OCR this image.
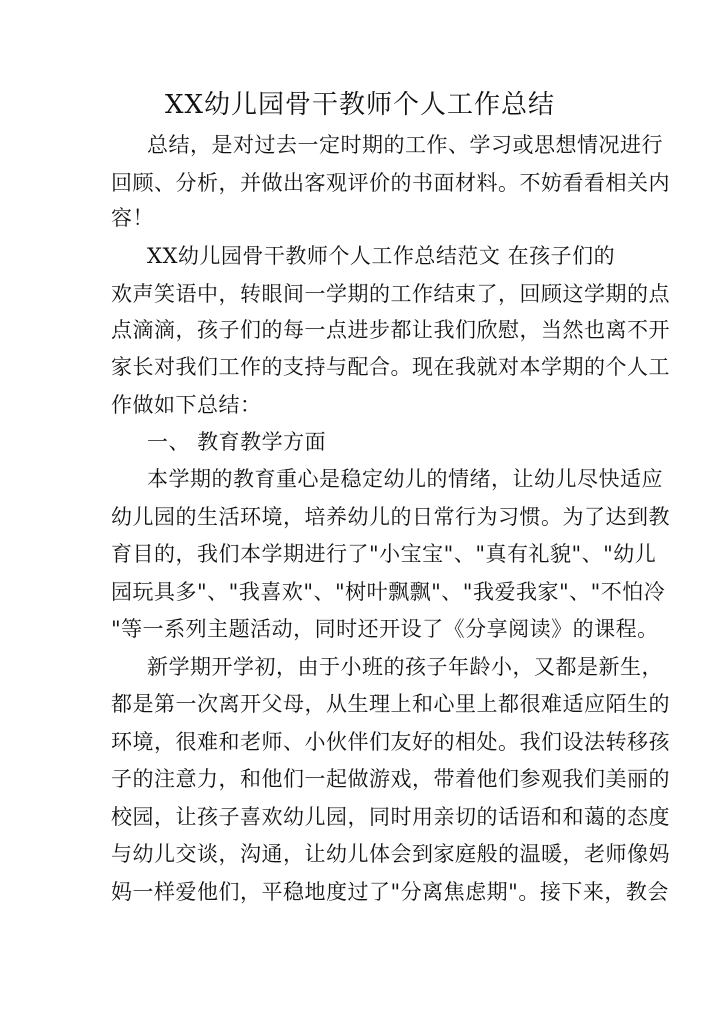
XX幼儿园骨干教师个人工作总结
总结，是对过去一定时期的工作、学习或思想情况进行
回顾、分析，并做出客观评价的书面材料。不妨看看相关内
容！
XX幼儿园骨干教师个人工作总结范文 在孩子们的
欢声笑语中，转眼间一学期的工作结束了，回顾这学期的点
点滴滴，孩子们的每一点进步都让我们欣慰，当然也离不开
家长对我们工作的支持与配合。现在我就对本学期的个人工
作做如下总结：
一、 教育教学方面
本学期的教育重心是稳定幼儿的情绪，让幼儿尽快适应
幼儿园的生活环境，培养幼儿的日常行为习惯。为了达到教
育目的，我们本学期进行了"小宝宝"、"真有礼貌"、"幼儿
园玩具多"、"我喜欢"、"树叶飘飘"、"我爱我家"、"不怕冷
"等一系列主题活动，同时还开设了《分享阅读》的课程。
新学期开学初，由于小班的孩子年龄小，又都是新生，
都是第一次离开父母，从生理上和心里上都很难适应陌生的
环境，很难和老师、小伙伴们友好的相处。我们设法转移孩
子的注意力，和他们一起做游戏，带着他们参观我们美丽的
校园，让孩子喜欢幼儿园，同时用亲切的话语和和蔼的态度
与幼儿交谈，沟通，让幼儿体会到家庭般的温暖，老师像妈
妈一样爱他们，平稳地度过了"分离焦虑期"。接下来，教会
